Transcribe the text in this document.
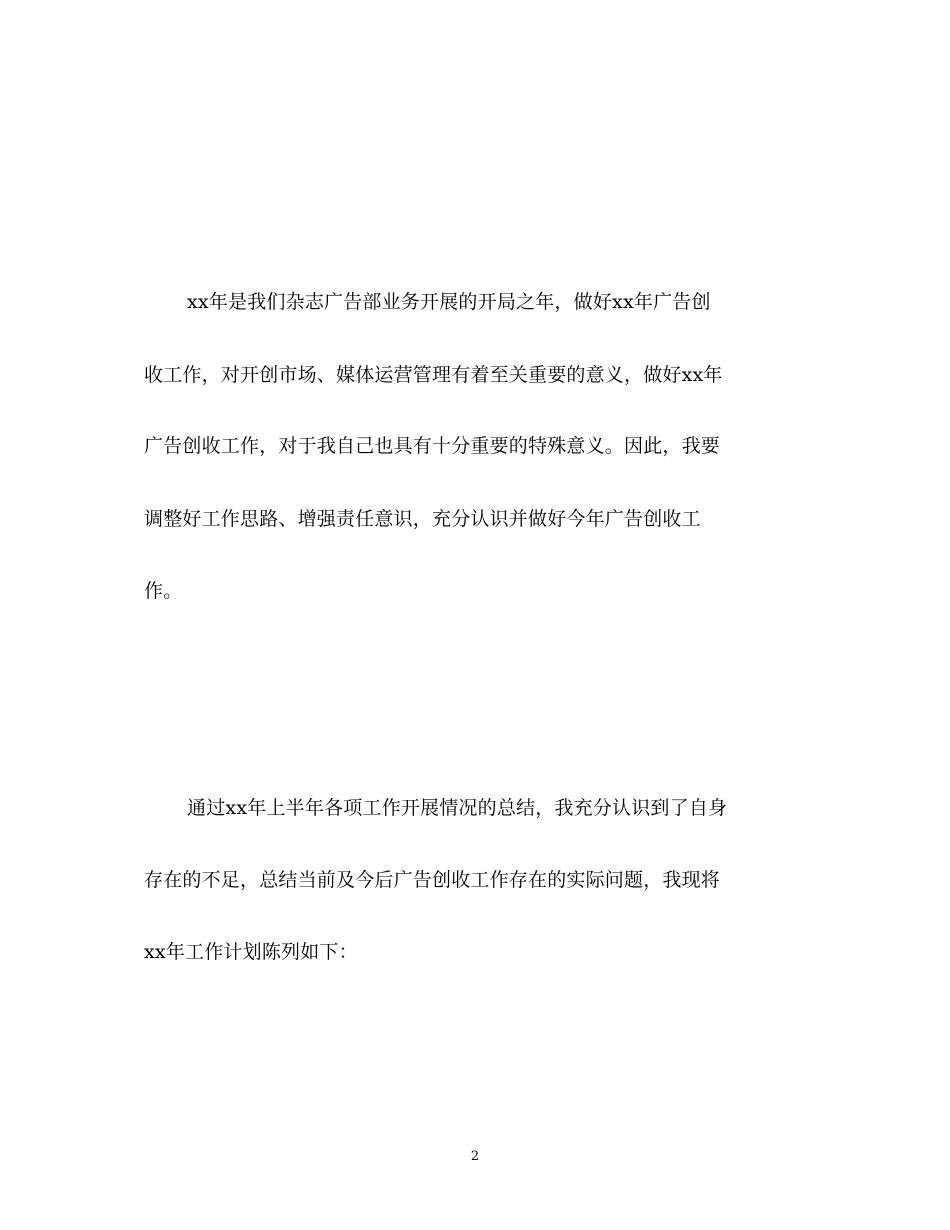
xx年是我们杂志广告部业务开展的开局之年，做好xx年广告创
收工作，对开创市场、媒体运营管理有着至关重要的意义，做好xx年
广告创收工作，对于我自己也具有十分重要的特殊意义。因此，我要
调整好工作思路、增强责任意识，充分认识并做好今年广告创收工
作。
通过xx年上半年各项工作开展情况的总结，我充分认识到了自身
存在的不足，总结当前及今后广告创收工作存在的实际问题，我现将
xx年工作计划陈列如下：
2
